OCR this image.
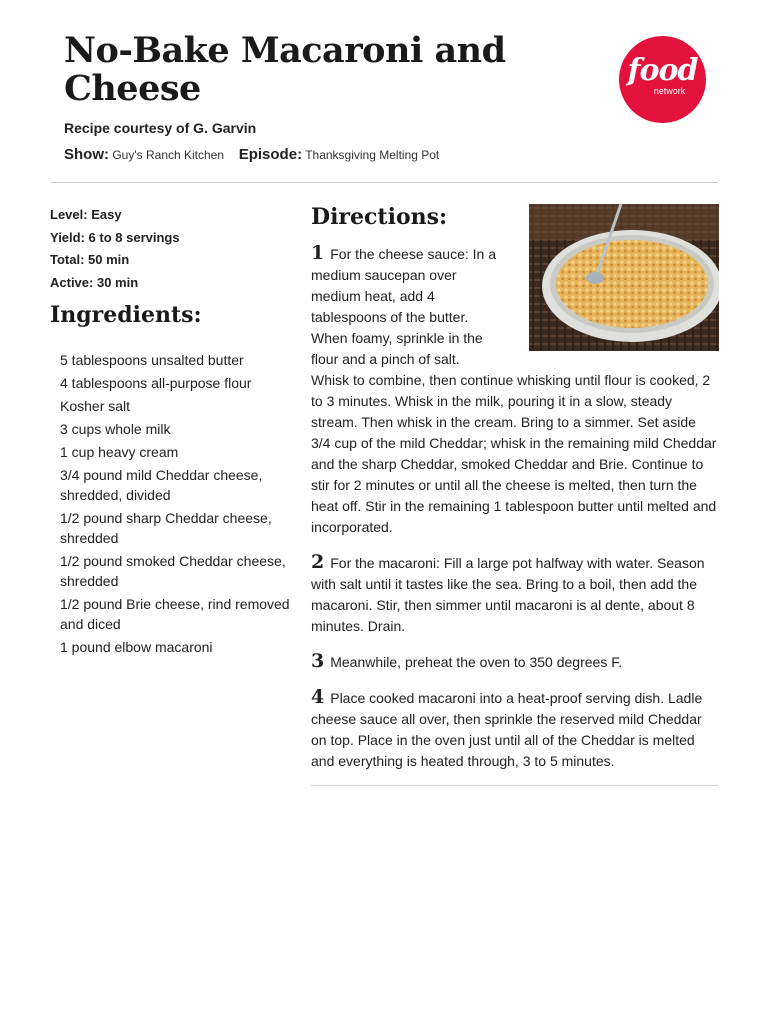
No-Bake Macaroni and Cheese

Recipe courtesy of G. Garvin

Show: Guy's Ranch Kitchen Episode: Thanksgiving Melting Pot

food
network
Level: Easy
Yield: 6 to 8 servings
Total: 50 min
Active: 30 min
Ingredients:
5 tablespoons unsalted butter
4 tablespoons all-purpose flour
Kosher salt
3 cups whole milk
1 cup heavy cream
3/4 pound mild Cheddar cheese, shredded, divided
1/2 pound sharp Cheddar cheese, shredded
1/2 pound smoked Cheddar cheese, shredded
1/2 pound Brie cheese, rind removed and diced
1 pound elbow macaroni
Directions:
1 For the cheese sauce: In a medium saucepan over medium heat, add 4 tablespoons of the butter. When foamy, sprinkle in the flour and a pinch of salt. Whisk to combine, then continue whisking until flour is cooked, 2 to 3 minutes. Whisk in the milk, pouring it in a slow, steady stream. Then whisk in the cream. Bring to a simmer. Set aside 3/4 cup of the mild Cheddar; whisk in the remaining mild Cheddar and the sharp Cheddar, smoked Cheddar and Brie. Continue to stir for 2 minutes or until all the cheese is melted, then turn the heat off. Stir in the remaining 1 tablespoon butter until melted and incorporated.
2 For the macaroni: Fill a large pot halfway with water. Season with salt until it tastes like the sea. Bring to a boil, then add the macaroni. Stir, then simmer until macaroni is al dente, about 8 minutes. Drain.
3 Meanwhile, preheat the oven to 350 degrees F.
4 Place cooked macaroni into a heat-proof serving dish. Ladle cheese sauce all over, then sprinkle the reserved mild Cheddar on top. Place in the oven just until all of the Cheddar is melted and everything is heated through, 3 to 5 minutes.
